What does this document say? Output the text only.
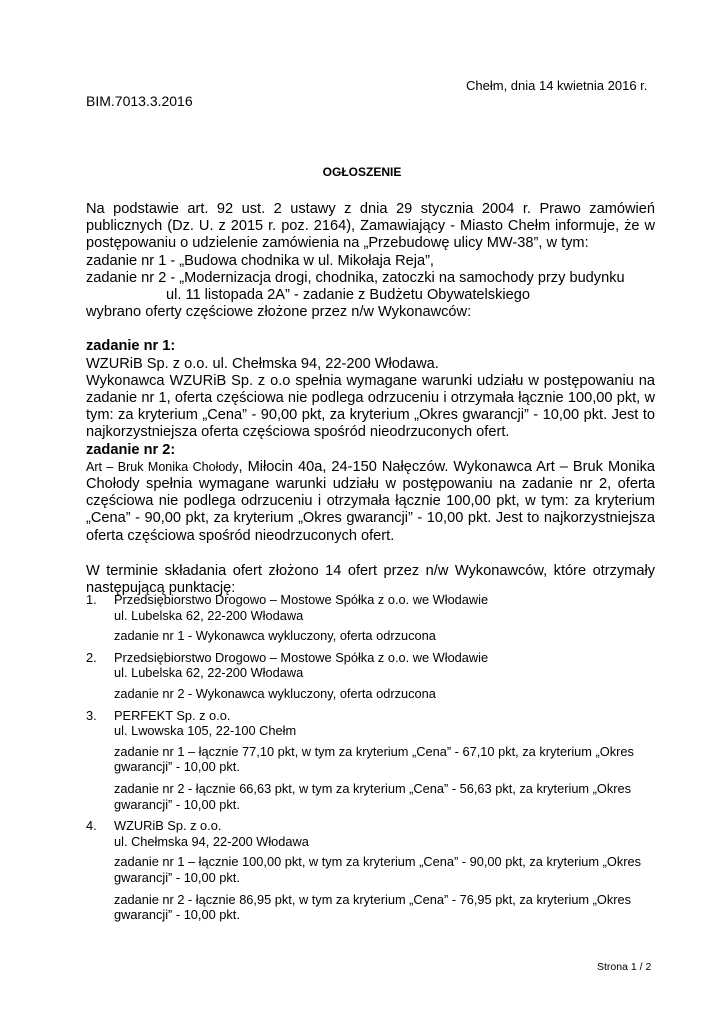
Chełm, dnia 14 kwietnia 2016 r.
BIM.7013.3.2016
OGŁOSZENIE
Na podstawie art. 92 ust. 2 ustawy z dnia 29 stycznia 2004 r. Prawo zamówień publicznych (Dz. U. z 2015 r. poz. 2164), Zamawiający - Miasto Chełm informuje, że w postępowaniu o udzielenie zamówienia na „Przebudowę ulicy MW-38”, w tym:
zadanie nr 1 - „Budowa chodnika w ul. Mikołaja Reja”,
zadanie nr 2 - „Modernizacja drogi, chodnika, zatoczki na samochody przy budynku
ul. 11 listopada 2A” - zadanie z Budżetu Obywatelskiego
wybrano oferty częściowe złożone przez n/w Wykonawców:
zadanie nr 1:
WZURiB Sp. z o.o. ul. Chełmska 94, 22-200 Włodawa.
Wykonawca WZURiB Sp. z o.o spełnia wymagane warunki udziału w postępowaniu na zadanie nr 1, oferta częściowa nie podlega odrzuceniu i otrzymała łącznie 100,00 pkt, w tym: za kryterium „Cena” - 90,00 pkt, za kryterium „Okres gwarancji” - 10,00 pkt. Jest to najkorzystniejsza oferta częściowa spośród nieodrzuconych ofert.
zadanie nr 2:
Art – Bruk Monika Chołody, Miłocin 40a, 24-150 Nałęczów. Wykonawca Art – Bruk Monika Chołody spełnia wymagane warunki udziału w postępowaniu na zadanie nr 2, oferta częściowa nie podlega odrzuceniu i otrzymała łącznie 100,00 pkt, w tym: za kryterium „Cena” - 90,00 pkt, za kryterium „Okres gwarancji” - 10,00 pkt. Jest to najkorzystniejsza oferta częściowa spośród nieodrzuconych ofert.
W terminie składania ofert złożono 14 ofert przez n/w Wykonawców, które otrzymały następującą punktację:
1.	Przedsiębiorstwo Drogowo – Mostowe Spółka z o.o. we Włodawie
ul. Lubelska 62, 22-200 Włodawa
zadanie nr 1 - Wykonawca wykluczony, oferta odrzucona
2.	Przedsiębiorstwo Drogowo – Mostowe Spółka z o.o. we Włodawie
ul. Lubelska 62, 22-200 Włodawa
zadanie nr 2 - Wykonawca wykluczony, oferta odrzucona
3.	PERFEKT Sp. z o.o.
ul. Lwowska 105, 22-100 Chełm
zadanie nr 1 – łącznie 77,10 pkt, w tym za kryterium „Cena” - 67,10 pkt, za kryterium „Okres gwarancji” - 10,00 pkt.
zadanie nr 2 - łącznie 66,63 pkt, w tym za kryterium „Cena” - 56,63 pkt, za kryterium „Okres gwarancji” - 10,00 pkt.
4.	WZURiB Sp. z o.o.
ul. Chełmska 94, 22-200 Włodawa
zadanie nr 1 – łącznie 100,00 pkt, w tym za kryterium „Cena” - 90,00 pkt, za kryterium „Okres gwarancji” - 10,00 pkt.
zadanie nr 2 - łącznie 86,95 pkt, w tym za kryterium „Cena” - 76,95 pkt, za kryterium „Okres gwarancji” - 10,00 pkt.
Strona 1 / 2
